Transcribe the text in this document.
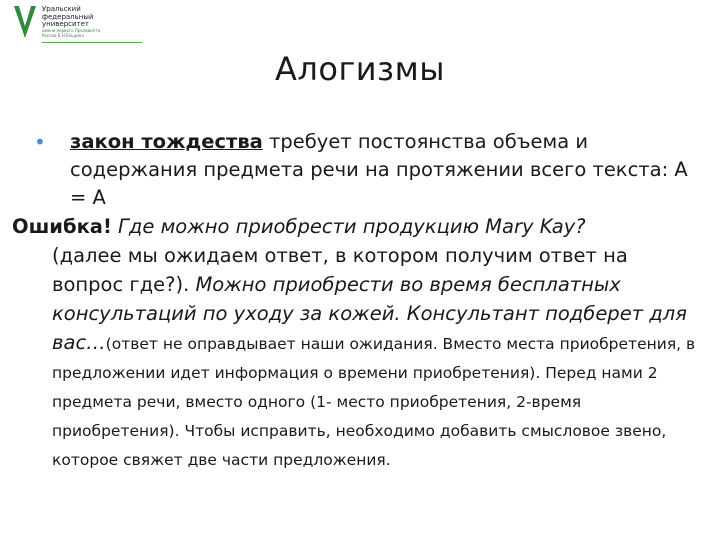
Уральский
федеральный
университет
имени первого Президента
России Б.Н.Ельцина
Алогизмы
• закон тождества требует постоянства объема и содержания предмета речи на протяжении всего текста: А = А
Ошибка! Где можно приобрести продукцию Mary Kay?
(далее мы ожидаем ответ, в котором получим ответ на вопрос где?). Можно приобрести во время бесплатных консультаций по уходу за кожей. Консультант подберет для вас…(ответ не оправдывает наши ожидания. Вместо места приобретения, в предложении идет информация о времени приобретения). Перед нами 2 предмета речи, вместо одного (1- место приобретения, 2-время приобретения). Чтобы исправить, необходимо добавить смысловое звено, которое свяжет две части предложения.
